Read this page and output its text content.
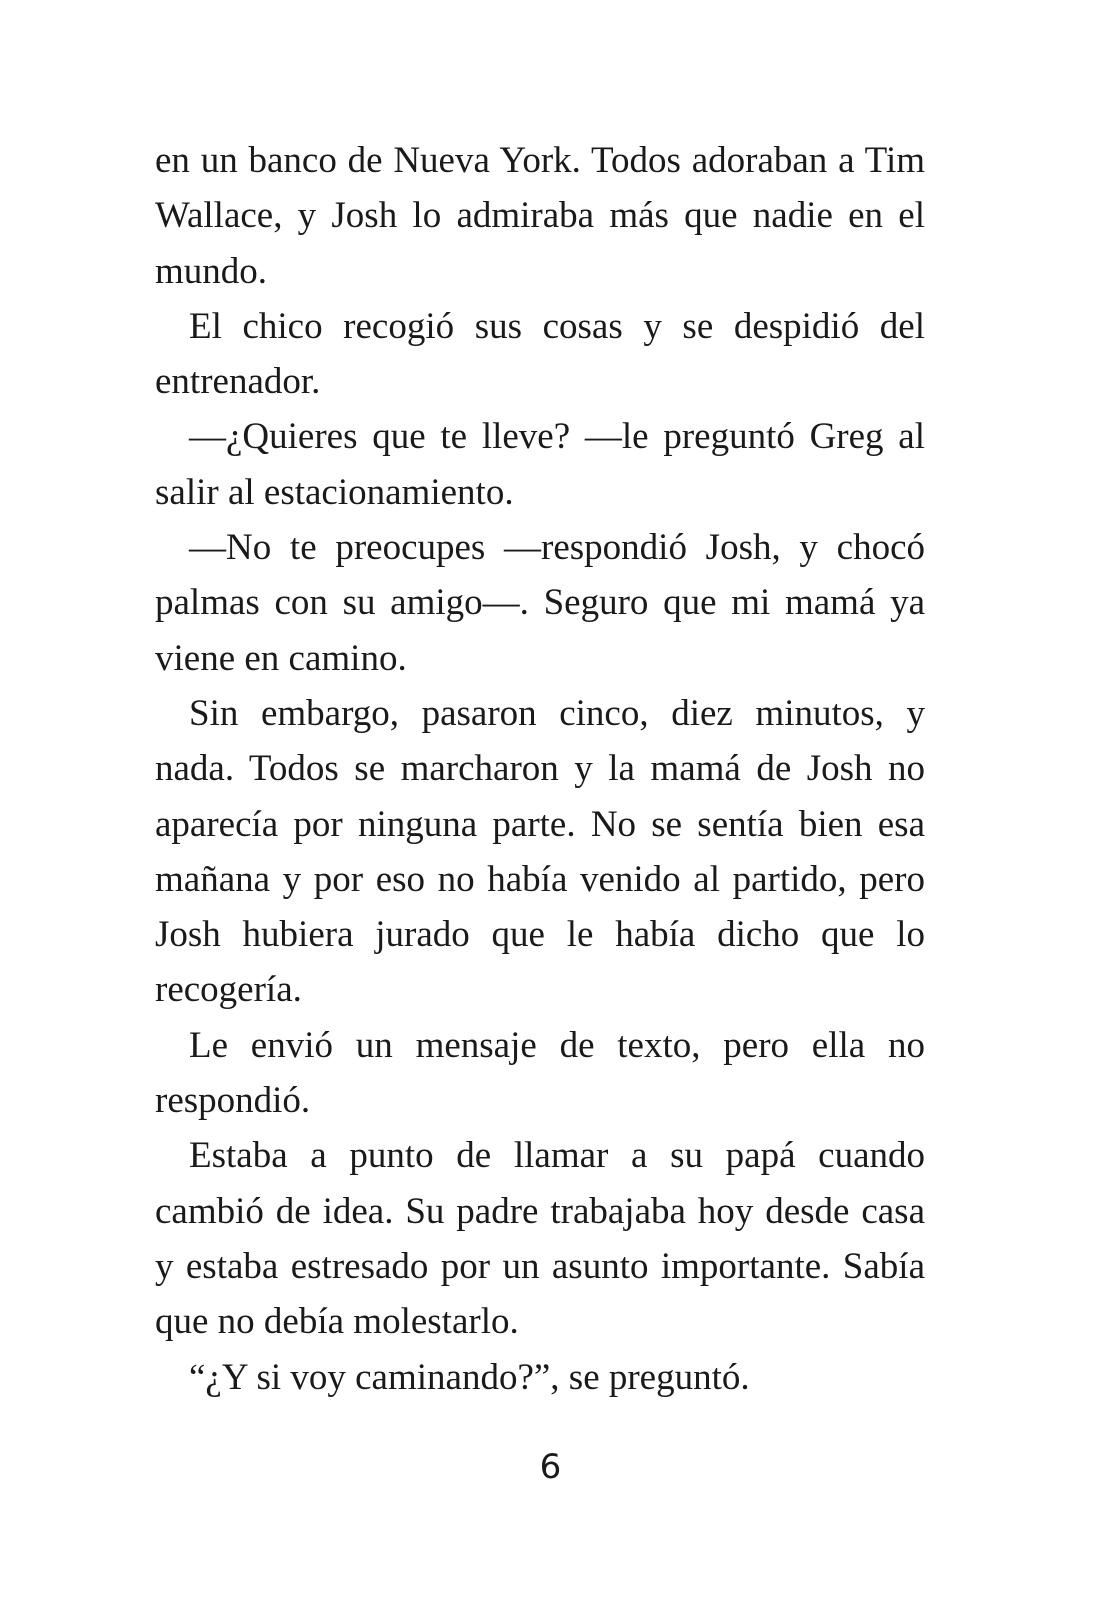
en un banco de Nueva York. Todos adoraban a Tim Wallace, y Josh lo admiraba más que nadie en el mundo.

El chico recogió sus cosas y se despidió del entrenador.

—¿Quieres que te lleve? —le preguntó Greg al salir al estacionamiento.

—No te preocupes —respondió Josh, y chocó palmas con su amigo—. Seguro que mi mamá ya viene en camino.

Sin embargo, pasaron cinco, diez minutos, y nada. Todos se marcharon y la mamá de Josh no aparecía por ninguna parte. No se sentía bien esa mañana y por eso no había venido al partido, pero Josh hubiera jurado que le había dicho que lo recogería.

Le envió un mensaje de texto, pero ella no respondió.

Estaba a punto de llamar a su papá cuando cambió de idea. Su padre trabajaba hoy desde casa y estaba estresado por un asunto importante. Sabía que no debía molestarlo.

“¿Y si voy caminando?”, se preguntó.

6
